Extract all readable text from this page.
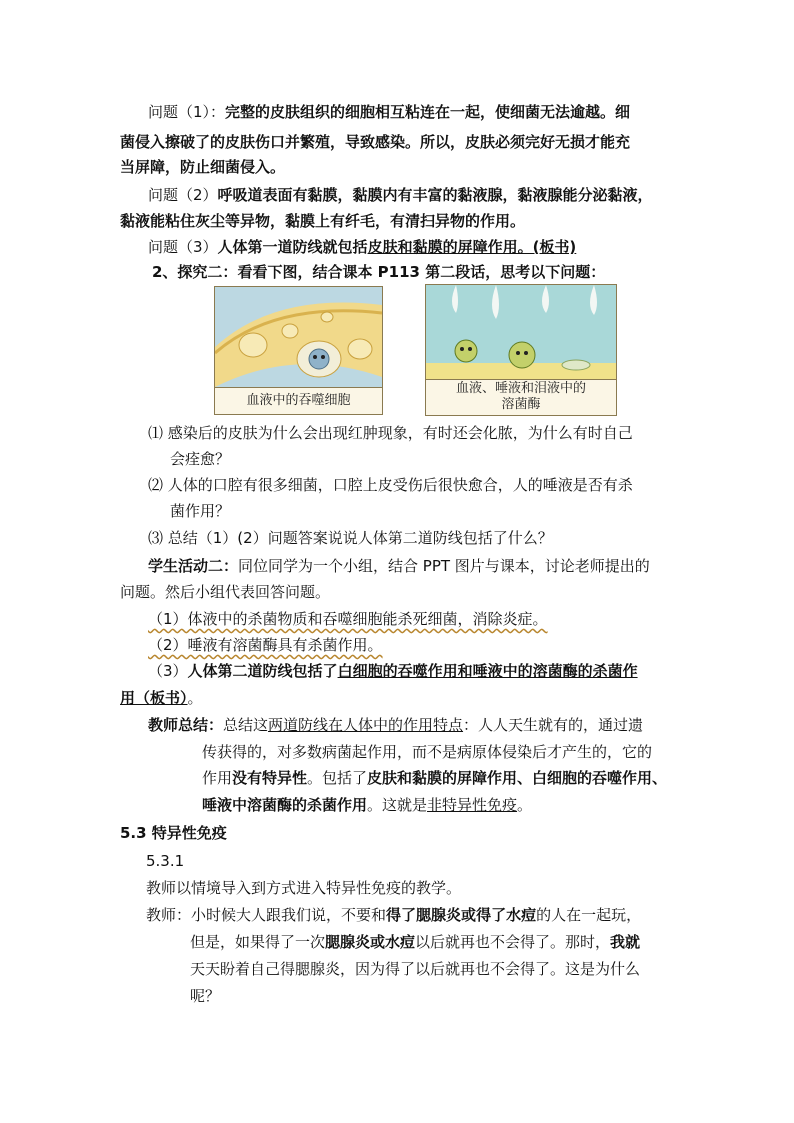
问题（1）：完整的皮肤组织的细胞相互粘连在一起，使细菌无法逾越。细
菌侵入擦破了的皮肤伤口并繁殖，导致感染。所以，皮肤必须完好无损才能充
当屏障，防止细菌侵入。
问题（2）呼吸道表面有黏膜，黏膜内有丰富的黏液腺，黏液腺能分泌黏液，
黏液能粘住灰尘等异物，黏膜上有纤毛，有清扫异物的作用。
问题（3）人体第一道防线就包括皮肤和黏膜的屏障作用。(板书)
2、探究二：看看下图，结合课本 P113 第二段话，思考以下问题：
血液中的吞噬细胞
血液、唾液和泪液中的
溶菌酶
⑴ 感染后的皮肤为什么会出现红肿现象，有时还会化脓，为什么有时自己
会痊愈？
⑵ 人体的口腔有很多细菌，口腔上皮受伤后很快愈合，人的唾液是否有杀
菌作用？
⑶ 总结（1）(2）问题答案说说人体第二道防线包括了什么？
学生活动二：同位同学为一个小组，结合 PPT 图片与课本，讨论老师提出的
问题。然后小组代表回答问题。
（1）体液中的杀菌物质和吞噬细胞能杀死细菌，消除炎症。
（2）唾液有溶菌酶具有杀菌作用。
（3）人体第二道防线包括了白细胞的吞噬作用和唾液中的溶菌酶的杀菌作
用（板书）。
教师总结：总结这两道防线在人体中的作用特点：人人天生就有的，通过遗
传获得的，对多数病菌起作用，而不是病原体侵染后才产生的，它的
作用没有特异性。包括了皮肤和黏膜的屏障作用、白细胞的吞噬作用、
唾液中溶菌酶的杀菌作用。这就是非特异性免疫。
5.3 特异性免疫
5.3.1
教师以情境导入到方式进入特异性免疫的教学。
教师：小时候大人跟我们说，不要和得了腮腺炎或得了水痘的人在一起玩，
但是，如果得了一次腮腺炎或水痘以后就再也不会得了。那时，我就
天天盼着自己得腮腺炎，因为得了以后就再也不会得了。这是为什么
呢？
